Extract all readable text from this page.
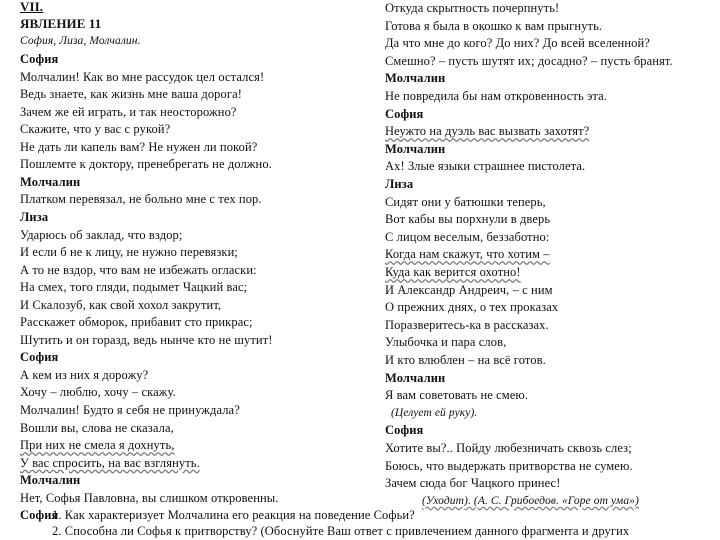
VII.
ЯВЛЕНИЕ 11
София, Лиза, Молчалин.
София
Молчалин! Как во мне рассудок цел остался!
Ведь знаете, как жизнь мне ваша дорога!
Зачем же ей играть, и так неосторожно?
Скажите, что у вас с рукой?
Не дать ли капель вам? Не нужен ли покой?
Пошлемте к доктору, пренебрегать не должно.
Молчалин
Платком перевязал, не больно мне с тех пор.
Лиза
Ударюсь об заклад, что вздор;
И если б не к лицу, не нужно перевязки;
А то не вздор, что вам не избежать огласки:
На смех, того гляди, подымет Чацкий вас;
И Скалозуб, как свой хохол закрутит,
Расскажет обморок, прибавит сто прикрас;
Шутить и он горазд, ведь нынче кто не шутит!
София
А кем из них я дорожу?
Хочу – люблю, хочу – скажу.
Молчалин! Будто я себя не принуждала?
Вошли вы, слова не сказала,
При них не смела я дохнуть,
У вас спросить, на вас взглянуть.
Молчалин
Нет, Софья Павловна, вы слишком откровенны.
София
Откуда скрытность почерпнуть!
Готова я была в окошко к вам прыгнуть.
Да что мне до кого? До них? До всей вселенной?
Смешно? – пусть шутят их; досадно? – пусть бранят.
Молчалин
Не повредила бы нам откровенность эта.
София
Неужто на дуэль вас вызвать захотят?
Молчалин
Ах! Злые языки страшнее пистолета.
Лиза
Сидят они у батюшки теперь,
Вот кабы вы порхнули в дверь
С лицом веселым, беззаботно:
Когда нам скажут, что хотим –
Куда как верится охотно!
И Александр Андреич, – с ним
О прежних днях, о тех проказах
Поразверитесь-ка в рассказах.
Улыбочка и пара слов,
И кто влюблен – на всё готов.
Молчалин
Я вам советовать не смею.
(Целует ей руку).
София
Хотите вы?.. Пойду любезничать сквозь слез;
Боюсь, что выдержать притворства не сумею.
Зачем сюда бог Чацкого принес!
(Уходит). (А. С. Грибоедов. «Горе от ума»)
1. Как характеризует Молчалина его реакция на поведение Софьи?
2. Способна ли Софья к притворству? (Обоснуйте Ваш ответ с привлечением данного фрагмента и других
